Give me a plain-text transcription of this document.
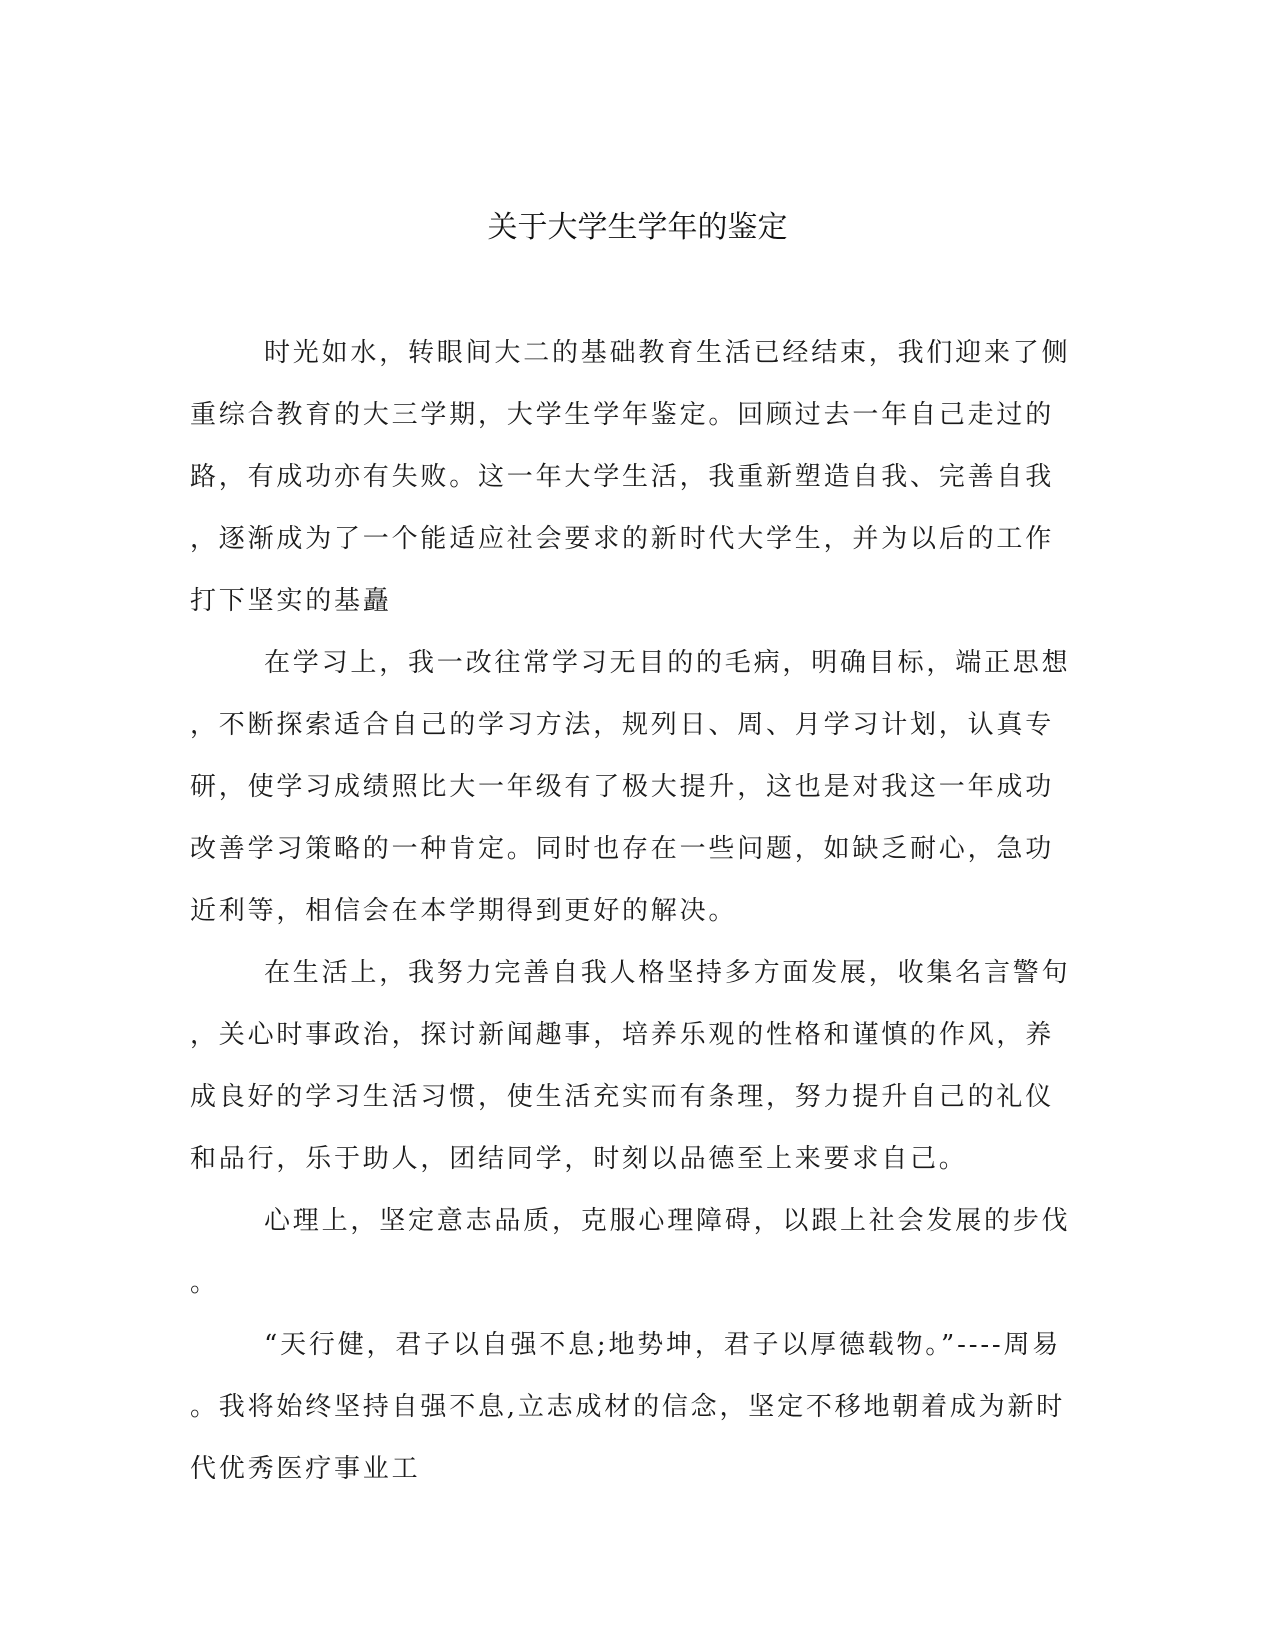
关于大学生学年的鉴定
时光如水，转眼间大二的基础教育生活已经结束，我们迎来了侧
重综合教育的大三学期，大学生学年鉴定。回顾过去一年自己走过的
路，有成功亦有失败。这一年大学生活，我重新塑造自我、完善自我
，逐渐成为了一个能适应社会要求的新时代大学生，并为以后的工作
打下坚实的基矗
在学习上，我一改往常学习无目的的毛病，明确目标，端正思想
，不断探索适合自己的学习方法，规列日、周、月学习计划，认真专
研，使学习成绩照比大一年级有了极大提升，这也是对我这一年成功
改善学习策略的一种肯定。同时也存在一些问题，如缺乏耐心，急功
近利等，相信会在本学期得到更好的解决。
在生活上，我努力完善自我人格坚持多方面发展，收集名言警句
，关心时事政治，探讨新闻趣事，培养乐观的性格和谨慎的作风，养
成良好的学习生活习惯，使生活充实而有条理，努力提升自己的礼仪
和品行，乐于助人，团结同学，时刻以品德至上来要求自己。
心理上，坚定意志品质，克服心理障碍，以跟上社会发展的步伐
。
“天行健，君子以自强不息;地势坤，君子以厚德载物。”----周易
。我将始终坚持自强不息,立志成材的信念，坚定不移地朝着成为新时
代优秀医疗事业工
